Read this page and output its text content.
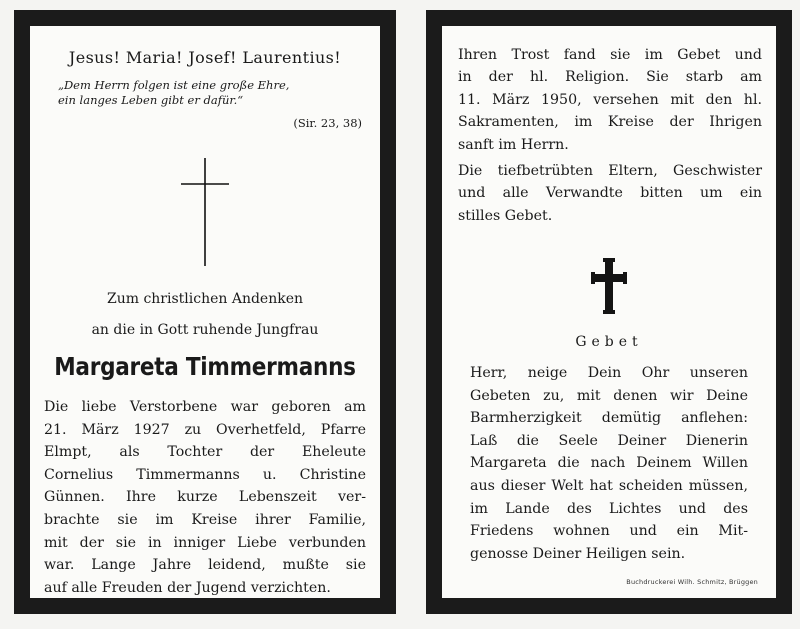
Jesus! Maria! Josef! Laurentius!
„Dem Herrn folgen ist eine große Ehre,
ein langes Leben gibt er dafür.“
(Sir. 23, 38)
Zum christlichen Andenken
an die in Gott ruhende Jungfrau
Margareta Timmermanns
Die liebe Verstorbene war geboren am
21. März 1927 zu Overhetfeld, Pfarre
Elmpt, als Tochter der Eheleute
Cornelius Timmermanns u. Christine
Günnen. Ihre kurze Lebenszeit ver-
brachte sie im Kreise ihrer Familie,
mit der sie in inniger Liebe verbunden
war. Lange Jahre leidend, mußte sie
auf alle Freuden der Jugend verzichten.
Ihren Trost fand sie im Gebet und
in der hl. Religion. Sie starb am
11. März 1950, versehen mit den hl.
Sakramenten, im Kreise der Ihrigen
sanft im Herrn.
Die tiefbetrübten Eltern, Geschwister
und alle Verwandte bitten um ein
stilles Gebet.
Gebet
Herr, neige Dein Ohr unseren
Gebeten zu, mit denen wir Deine
Barmherzigkeit demütig anflehen:
Laß die Seele Deiner Dienerin
Margareta die nach Deinem Willen
aus dieser Welt hat scheiden müssen,
im Lande des Lichtes und des
Friedens wohnen und ein Mit-
genosse Deiner Heiligen sein.
Buchdruckerei Wilh. Schmitz, Brüggen
